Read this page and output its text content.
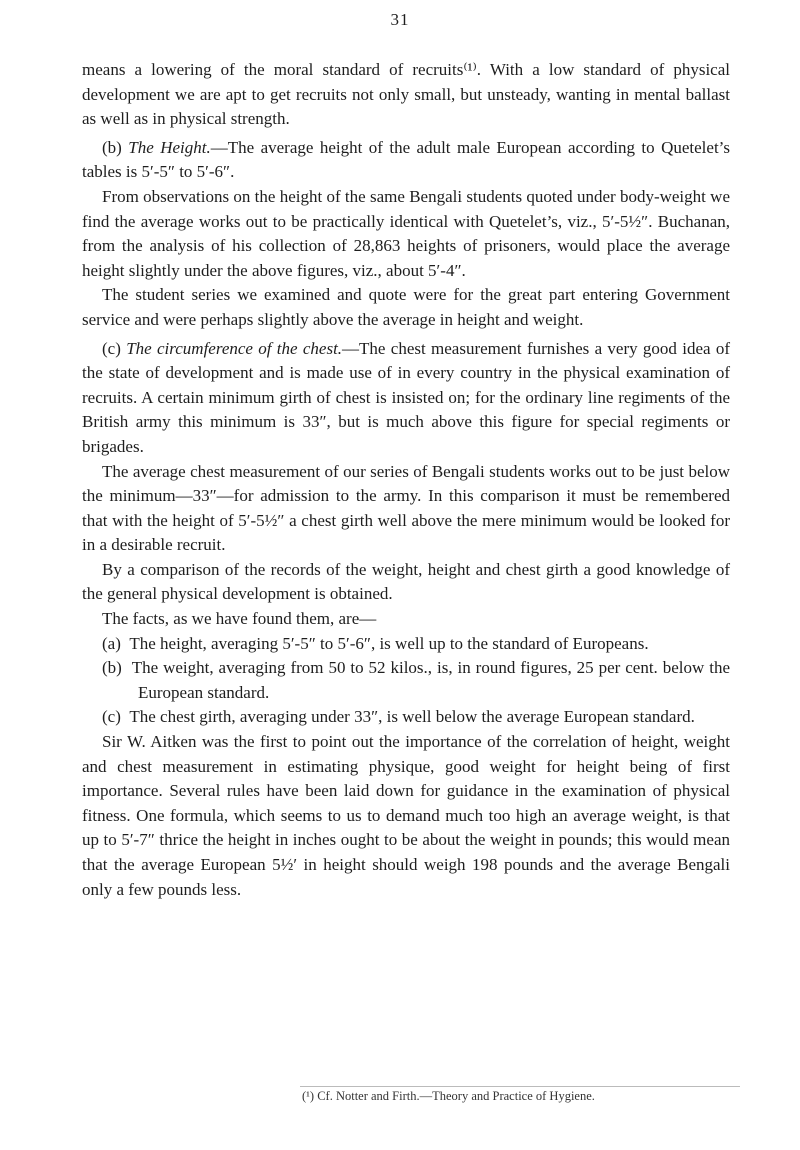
31

means a lowering of the moral standard of recruits⁽¹⁾. With a low standard of physical development we are apt to get recruits not only small, but unsteady, wanting in mental ballast as well as in physical strength.

(b) The Height.—The average height of the adult male European according to Quetelet’s tables is 5′-5″ to 5′-6″.

From observations on the height of the same Bengali students quoted under body-weight we find the average works out to be practically identical with Quetelet’s, viz., 5′-5½″. Buchanan, from the analysis of his collection of 28,863 heights of prisoners, would place the average height slightly under the above figures, viz., about 5′-4″.

The student series we examined and quote were for the great part entering Government service and were perhaps slightly above the average in height and weight.

(c) The circumference of the chest.—The chest measurement furnishes a very good idea of the state of development and is made use of in every country in the physical examination of recruits. A certain minimum girth of chest is insisted on; for the ordinary line regiments of the British army this minimum is 33″, but is much above this figure for special regiments or brigades.

The average chest measurement of our series of Bengali students works out to be just below the minimum—33″—for admission to the army. In this comparison it must be remembered that with the height of 5′-5½″ a chest girth well above the mere minimum would be looked for in a desirable recruit.

By a comparison of the records of the weight, height and chest girth a good knowledge of the general physical development is obtained.

The facts, as we have found them, are—

(a) The height, averaging 5′-5″ to 5′-6″, is well up to the standard of Europeans.

(b) The weight, averaging from 50 to 52 kilos., is, in round figures, 25 per cent. below the European standard.

(c) The chest girth, averaging under 33″, is well below the average European standard.

Sir W. Aitken was the first to point out the importance of the correlation of height, weight and chest measurement in estimating physique, good weight for height being of first importance. Several rules have been laid down for guidance in the examination of physical fitness. One formula, which seems to us to demand much too high an average weight, is that up to 5′-7″ thrice the height in inches ought to be about the weight in pounds; this would mean that the average European 5½′ in height should weigh 198 pounds and the average Bengali only a few pounds less.

(¹) Cf. Notter and Firth.—Theory and Practice of Hygiene.
